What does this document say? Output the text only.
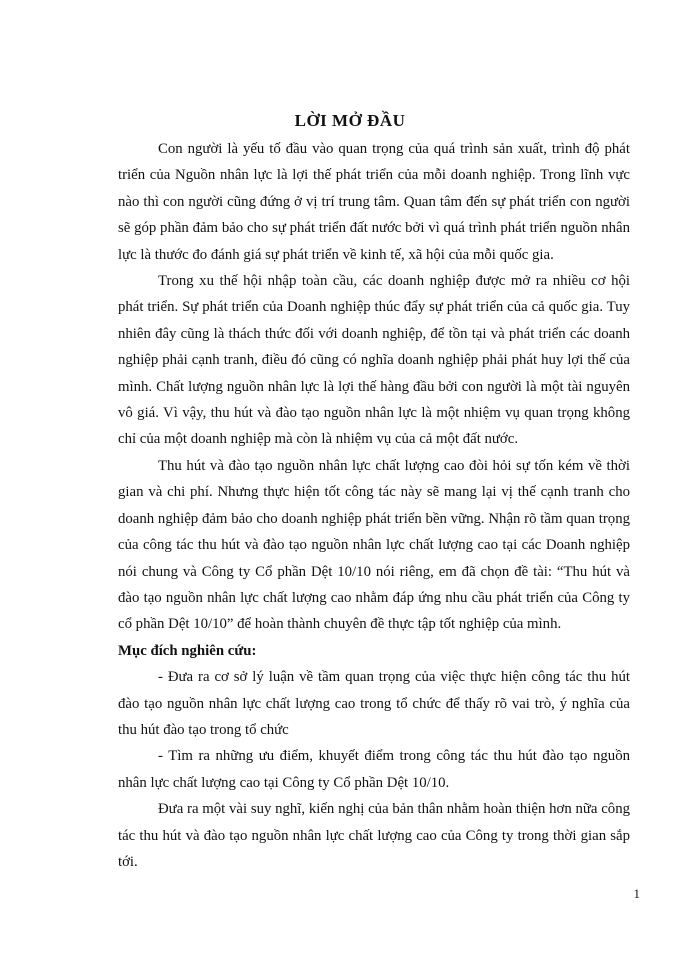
LỜI MỞ ĐẦU

Con người là yếu tố đầu vào quan trọng của quá trình sản xuất, trình độ phát triển của Nguồn nhân lực là lợi thế phát triển của mỗi doanh nghiệp. Trong lĩnh vực nào thì con người cũng đứng ở vị trí trung tâm. Quan tâm đến sự phát triển con người sẽ góp phần đảm bảo cho sự phát triển đất nước bởi vì quá trình phát triển nguồn nhân lực là thước đo đánh giá sự phát triển về kinh tế, xã hội của mỗi quốc gia.

Trong xu thế hội nhập toàn cầu, các doanh nghiệp được mở ra nhiều cơ hội phát triển. Sự phát triển của Doanh nghiệp thúc đẩy sự phát triển của cả quốc gia. Tuy nhiên đây cũng là thách thức đối với doanh nghiệp, để tồn tại và phát triển các doanh nghiệp phải cạnh tranh, điều đó cũng có nghĩa doanh nghiệp phải phát huy lợi thế của mình. Chất lượng nguồn nhân lực là lợi thế hàng đầu bởi con người là một tài nguyên vô giá. Vì vậy, thu hút và đào tạo nguồn nhân lực là một nhiệm vụ quan trọng không chỉ của một doanh nghiệp mà còn là nhiệm vụ của cả một đất nước.

Thu hút và đào tạo nguồn nhân lực chất lượng cao đòi hỏi sự tốn kém về thời gian và chi phí. Nhưng thực hiện tốt công tác này sẽ mang lại vị thế cạnh tranh cho doanh nghiệp đảm bảo cho doanh nghiệp phát triển bền vững. Nhận rõ tầm quan trọng của công tác thu hút và đào tạo nguồn nhân lực chất lượng cao tại các Doanh nghiệp nói chung và Công ty Cổ phần Dệt 10/10 nói riêng, em đã chọn đề tài: “Thu hút và đào tạo nguồn nhân lực chất lượng cao nhằm đáp ứng nhu cầu phát triển của Công ty cổ phần Dệt 10/10” để hoàn thành chuyên đề thực tập tốt nghiệp của mình.

Mục đích nghiên cứu:

- Đưa ra cơ sở lý luận về tầm quan trọng của việc thực hiện công tác thu hút đào tạo nguồn nhân lực chất lượng cao trong tổ chức để thấy rõ vai trò, ý nghĩa của thu hút đào tạo trong tổ chức

- Tìm ra những ưu điểm, khuyết điểm trong công tác thu hút đào tạo nguồn nhân lực chất lượng cao tại Công ty Cổ phần Dệt 10/10.

Đưa ra một vài suy nghĩ, kiến nghị của bản thân nhằm hoàn thiện hơn nữa công tác thu hút và đào tạo nguồn nhân lực chất lượng cao của Công ty trong thời gian sắp tới.

1
